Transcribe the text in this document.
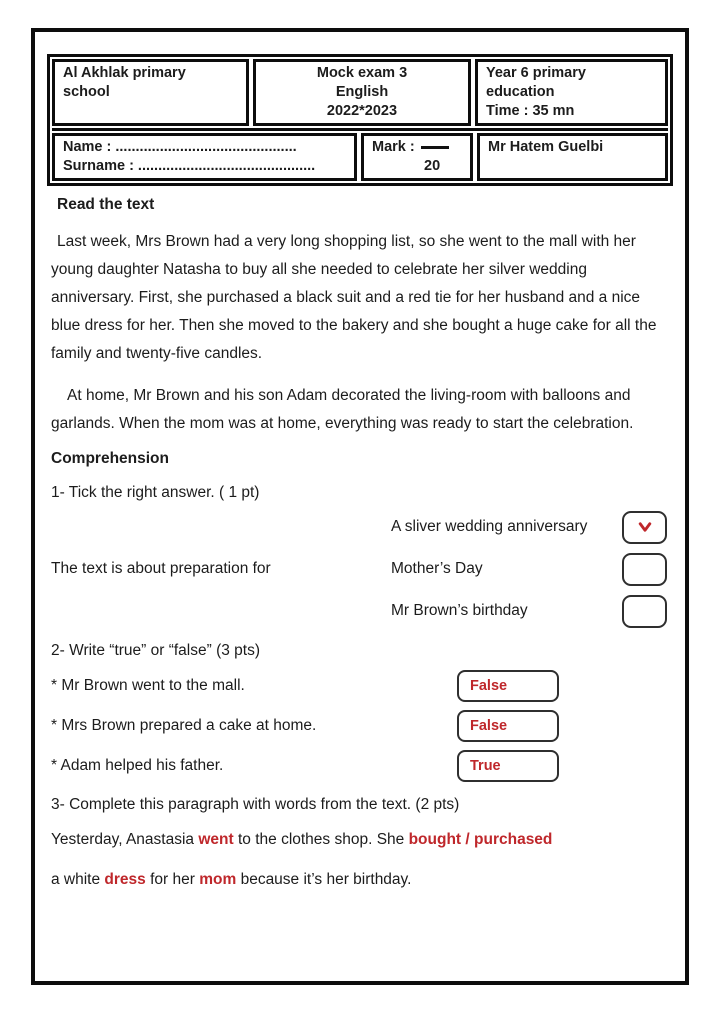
Al Akhlak primary
school
Mock exam 3
English
2022*2023
Year 6 primary
education
Time : 35 mn
Name : .............................................
Surname : ............................................
Mark :
20
Mr Hatem Guelbi
Read the text

Last week, Mrs Brown had a very long shopping list, so she went to the mall with her young daughter Natasha to buy all she needed to celebrate her silver wedding anniversary. First, she purchased a black suit and a red tie for her husband and a nice blue dress for her. Then she moved to the bakery and she bought a huge cake for all the family and twenty-five candles.

At home, Mr Brown and his son Adam decorated the living-room with balloons and garlands. When the mom was at home, everything was ready to start the celebration.

Comprehension
1- Tick the right answer. ( 1 pt)
A sliver wedding anniversary
The text is about preparation for	Mother’s Day
Mr Brown’s birthday
2- Write “true” or “false” (3 pts)
* Mr Brown went to the mall.	False
* Mrs Brown prepared a cake at home.	False
* Adam helped his father.	True
3- Complete this paragraph with words from the text. (2 pts)

Yesterday, Anastasia went to the clothes shop. She bought / purchased

a white dress for her mom because it’s her birthday.
